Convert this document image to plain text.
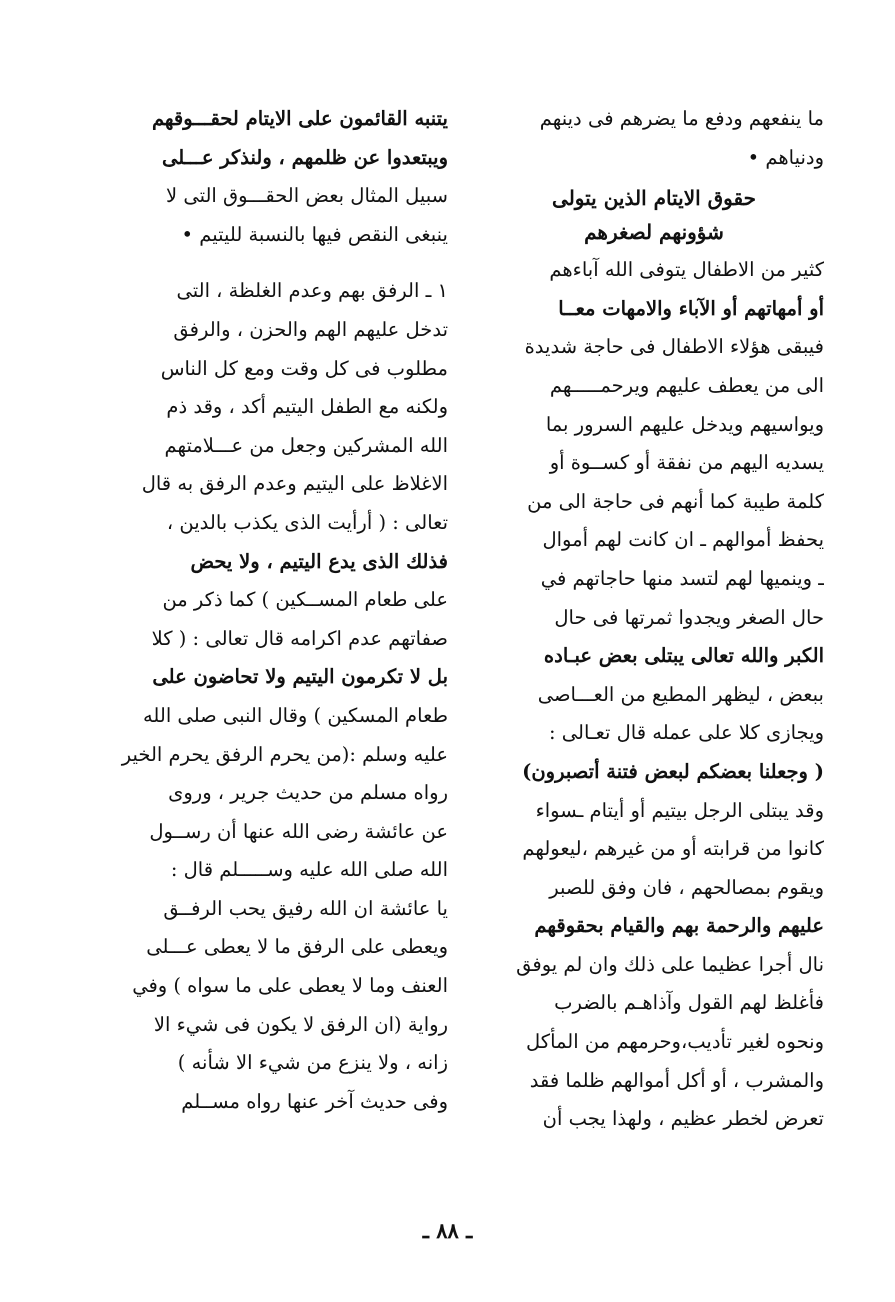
ما ينفعهم ودفع ما يضرهم فى دينهم
ودنياهم •
حقوق الايتام الذين يتولى
شؤونهم لصغرهم
كثير من الاطفال يتوفى الله آباءهم
أو أمهاتهم أو الآباء والامهات معــا
فيبقى هؤلاء الاطفال فى حاجة شديدة
الى من يعطف عليهم ويرحمـــــهم
ويواسيهم ويدخل عليهم السرور بما
يسديه اليهم من نفقة أو كســوة أو
كلمة طيبة كما أنهم فى حاجة الى من
يحفظ أموالهم ـ ان كانت لهم أموال
ـ وينميها لهم لتسد منها حاجاتهم في
حال الصغر ويجدوا ثمرتها فى حال
الكبر والله تعالى يبتلى بعض عبـاده
ببعض ، ليظهر المطيع من العـــاصى
ويجازى كلا على عمله قال تعـالى :
( وجعلنا بعضكم لبعض فتنة أتصبرون)
وقد يبتلى الرجل بيتيم أو أيتام ـسواء
كانوا من قرابته أو من غيرهم ،ليعولهم
ويقوم بمصالحهم ، فان وفق للصبر
عليهم والرحمة بهم والقيام بحقوقهم
نال أجرا عظيما على ذلك وان لم يوفق
فأغلظ لهم القول وآذاهـم بالضرب
ونحوه لغير تأديب،وحرمهم من المأكل
والمشرب ، أو أكل أموالهم ظلما فقد
تعرض لخطر عظيم ، ولهذا يجب أن
يتنبه القائمون على الايتام لحقـــوقهم
ويبتعدوا عن ظلمهم ، ولنذكر عـــلى
سبيل المثال بعض الحقـــوق التى لا
ينبغى النقص فيها بالنسبة لليتيم •
١ ـ الرفق بهم وعدم الغلظة ، التى
تدخل عليهم الهم والحزن ، والرفق
مطلوب فى كل وقت ومع كل الناس
ولكنه مع الطفل اليتيم أكد ، وقد ذم
الله المشركين وجعل من عـــلامتهم
الاغلاظ على اليتيم وعدم الرفق به قال
تعالى : ( أرأيت الذى يكذب بالدين ،
فذلك الذى يدع اليتيم ، ولا يحض
على طعام المســكين ) كما ذكر من
صفاتهم عدم اكرامه قال تعالى : ( كلا
بل لا تكرمون اليتيم ولا تحاضون على
طعام المسكين ) وقال النبى صلى الله
عليه وسلم :(من يحرم الرفق يحرم الخير
رواه مسلم من حديث جرير ، وروى
عن عائشة رضى الله عنها أن رســول
الله صلى الله عليه وســـــلم قال :
يا عائشة ان الله رفيق يحب الرفــق
ويعطى على الرفق ما لا يعطى عـــلى
العنف وما لا يعطى على ما سواه ) وفي
رواية (ان الرفق لا يكون فى شيء الا
زانه ، ولا ينزع من شيء الا شأنه )
وفى حديث آخر عنها رواه مســلم
ـ ٨٨ ـ
